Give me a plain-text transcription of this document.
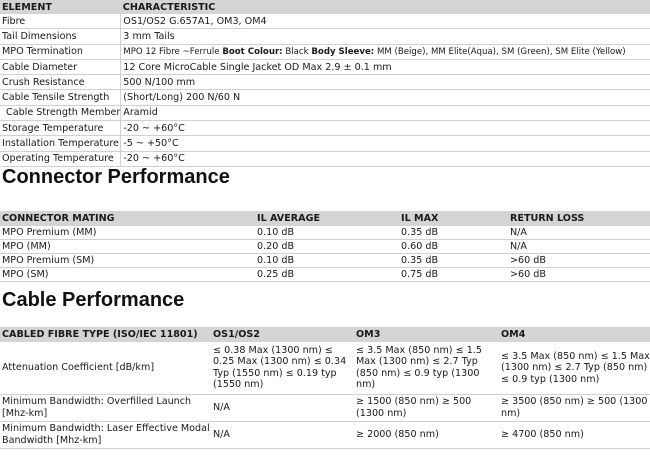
ELEMENT	CHARACTERISTIC
Fibre	OS1/OS2 G.657A1, OM3, OM4
Tail Dimensions	3 mm Tails
MPO Termination	MPO 12 Fibre ~Ferrule Boot Colour: Black Body Sleeve: MM (Beige), MM Elite(Aqua), SM (Green), SM Elite (Yellow)
Cable Diameter	12 Core MicroCable Single Jacket OD Max 2.9 ± 0.1 mm
Crush Resistance	500 N/100 mm
Cable Tensile Strength	(Short/Long) 200 N/60 N
Cable Strength Member	Aramid
Storage Temperature	-20 ~ +60°C
Installation Temperature	-5 ~ +50°C
Operating Temperature	-20 ~ +60°C
Connector Performance
CONNECTOR MATING	IL AVERAGE	IL MAX	RETURN LOSS
MPO Premium (MM)	0.10 dB	0.35 dB	N/A
MPO (MM)	0.20 dB	0.60 dB	N/A
MPO Premium (SM)	0.10 dB	0.35 dB	>60 dB
MPO (SM)	0.25 dB	0.75 dB	>60 dB
Cable Performance
CABLED FIBRE TYPE (ISO/IEC 11801)	OS1/OS2	OM3	OM4
Attenuation Coefficient [dB/km]	≤ 0.38 Max (1300 nm) ≤ 0.25 Max (1300 nm) ≤ 0.34 Typ (1550 nm) ≤ 0.19 typ (1550 nm)	≤ 3.5 Max (850 nm) ≤ 1.5 Max (1300 nm) ≤ 2.7 Typ (850 nm) ≤ 0.9 typ (1300 nm)	≤ 3.5 Max (850 nm) ≤ 1.5 Max (1300 nm) ≤ 2.7 Typ (850 nm) ≤ 0.9 typ (1300 nm)
Minimum Bandwidth: Overfilled Launch [Mhz-km]	N/A	≥ 1500 (850 nm) ≥ 500 (1300 nm)	≥ 3500 (850 nm) ≥ 500 (1300 nm)
Minimum Bandwidth: Laser Effective Modal Bandwidth [Mhz-km]	N/A	≥ 2000 (850 nm)	≥ 4700 (850 nm)
